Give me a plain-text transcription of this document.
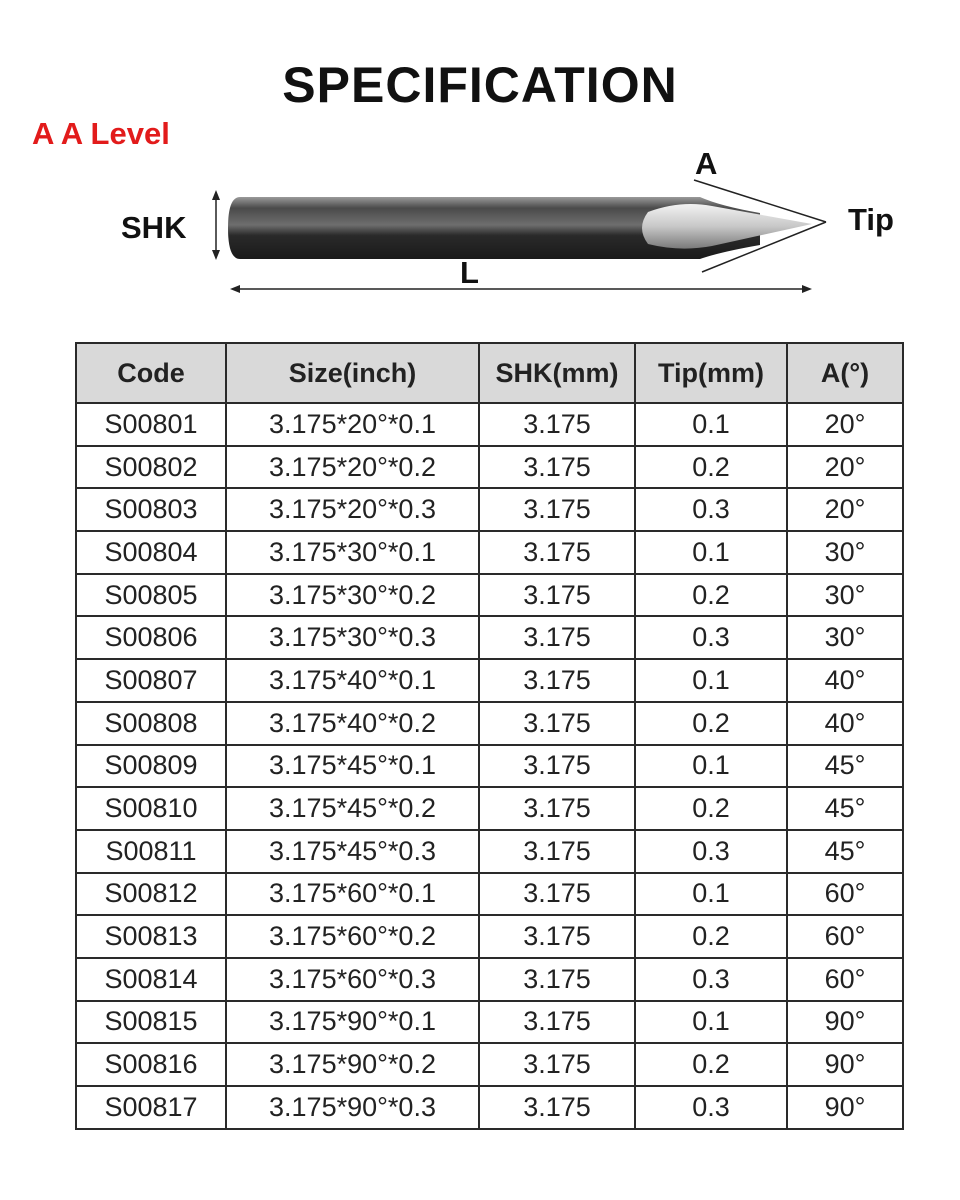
SPECIFICATION
A A Level
SHK
A
Tip
L
Code	Size(inch)	SHK(mm)	Tip(mm)	A(°)
S00801	3.175*20°*0.1	3.175	0.1	20°
S00802	3.175*20°*0.2	3.175	0.2	20°
S00803	3.175*20°*0.3	3.175	0.3	20°
S00804	3.175*30°*0.1	3.175	0.1	30°
S00805	3.175*30°*0.2	3.175	0.2	30°
S00806	3.175*30°*0.3	3.175	0.3	30°
S00807	3.175*40°*0.1	3.175	0.1	40°
S00808	3.175*40°*0.2	3.175	0.2	40°
S00809	3.175*45°*0.1	3.175	0.1	45°
S00810	3.175*45°*0.2	3.175	0.2	45°
S00811	3.175*45°*0.3	3.175	0.3	45°
S00812	3.175*60°*0.1	3.175	0.1	60°
S00813	3.175*60°*0.2	3.175	0.2	60°
S00814	3.175*60°*0.3	3.175	0.3	60°
S00815	3.175*90°*0.1	3.175	0.1	90°
S00816	3.175*90°*0.2	3.175	0.2	90°
S00817	3.175*90°*0.3	3.175	0.3	90°
